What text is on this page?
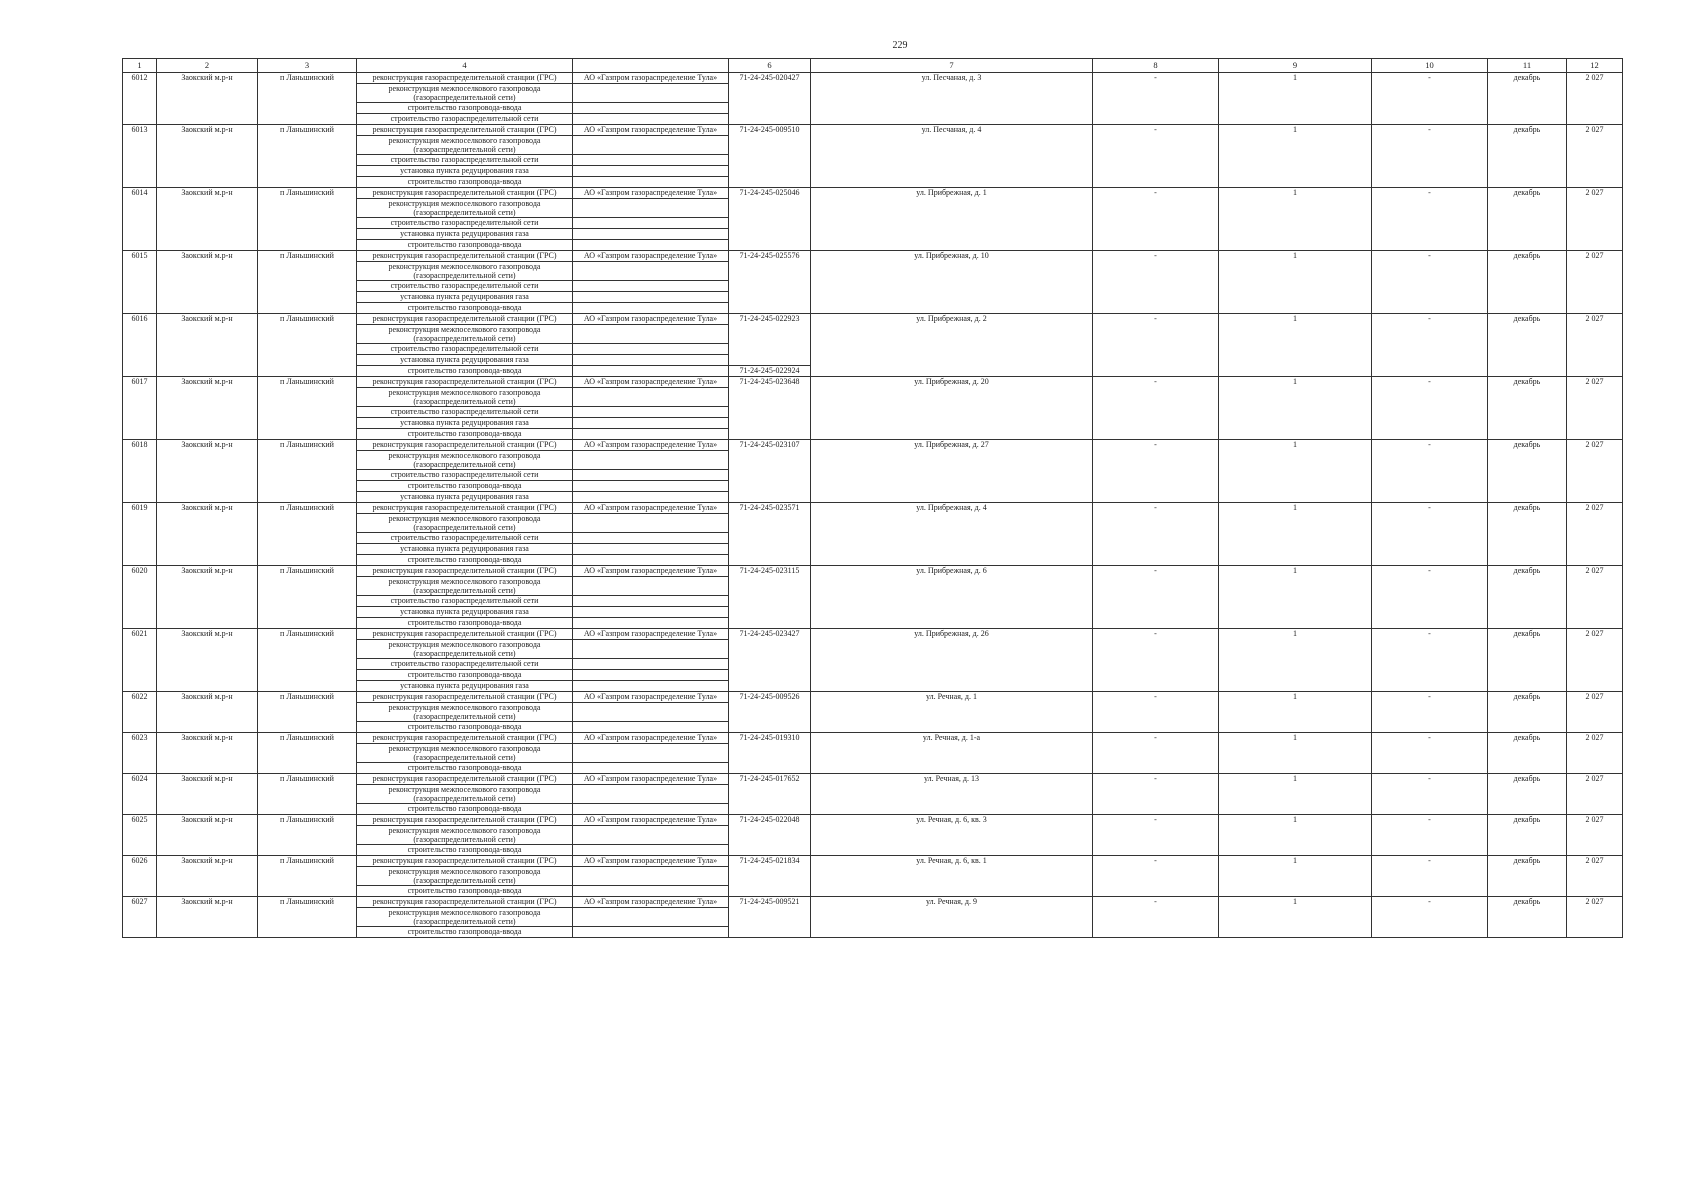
229
1	2	3	4		6	7	8	9	10	11	12
6012	Заокский м.р-н	п Ланьшинский	реконструкция газораспределительной станции (ГРС)	АО «Газпром газораспределение Тула»	71-24-245-020427	ул. Песчаная, д. 3	-	1	-	декабрь	2 027
			реконструкция межпоселкового газопровода (газораспределительной сети)								
			строительство газопровода-ввода								
			строительство газораспределительной сети								
6013	Заокский м.р-н	п Ланьшинский	реконструкция газораспределительной станции (ГРС)	АО «Газпром газораспределение Тула»	71-24-245-009510	ул. Песчаная, д. 4	-	1	-	декабрь	2 027
			реконструкция межпоселкового газопровода (газораспределительной сети)								
			строительство газораспределительной сети								
			установка пункта редуцирования газа								
			строительство газопровода-ввода								
6014	Заокский м.р-н	п Ланьшинский	реконструкция газораспределительной станции (ГРС)	АО «Газпром газораспределение Тула»	71-24-245-025046	ул. Прибрежная, д. 1	-	1	-	декабрь	2 027
			реконструкция межпоселкового газопровода (газораспределительной сети)								
			строительство газораспределительной сети								
			установка пункта редуцирования газа								
			строительство газопровода-ввода								
6015	Заокский м.р-н	п Ланьшинский	реконструкция газораспределительной станции (ГРС)	АО «Газпром газораспределение Тула»	71-24-245-025576	ул. Прибрежная, д. 10	-	1	-	декабрь	2 027
			реконструкция межпоселкового газопровода (газораспределительной сети)								
			строительство газораспределительной сети								
			установка пункта редуцирования газа								
			строительство газопровода-ввода								
6016	Заокский м.р-н	п Ланьшинский	реконструкция газораспределительной станции (ГРС)	АО «Газпром газораспределение Тула»	71-24-245-022923	ул. Прибрежная, д. 2	-	1	-	декабрь	2 027
			реконструкция межпоселкового газопровода (газораспределительной сети)								
			строительство газораспределительной сети								
			установка пункта редуцирования газа								
			строительство газопровода-ввода		71-24-245-022924						
6017	Заокский м.р-н	п Ланьшинский	реконструкция газораспределительной станции (ГРС)	АО «Газпром газораспределение Тула»	71-24-245-023648	ул. Прибрежная, д. 20	-	1	-	декабрь	2 027
			реконструкция межпоселкового газопровода (газораспределительной сети)								
			строительство газораспределительной сети								
			установка пункта редуцирования газа								
			строительство газопровода-ввода								
6018	Заокский м.р-н	п Ланьшинский	реконструкция газораспределительной станции (ГРС)	АО «Газпром газораспределение Тула»	71-24-245-023107	ул. Прибрежная, д. 27	-	1	-	декабрь	2 027
			реконструкция межпоселкового газопровода (газораспределительной сети)								
			строительство газораспределительной сети								
			строительство газопровода-ввода								
			установка пункта редуцирования газа								
6019	Заокский м.р-н	п Ланьшинский	реконструкция газораспределительной станции (ГРС)	АО «Газпром газораспределение Тула»	71-24-245-023571	ул. Прибрежная, д. 4	-	1	-	декабрь	2 027
			реконструкция межпоселкового газопровода (газораспределительной сети)								
			строительство газораспределительной сети								
			установка пункта редуцирования газа								
			строительство газопровода-ввода								
6020	Заокский м.р-н	п Ланьшинский	реконструкция газораспределительной станции (ГРС)	АО «Газпром газораспределение Тула»	71-24-245-023115	ул. Прибрежная, д. 6	-	1	-	декабрь	2 027
			реконструкция межпоселкового газопровода (газораспределительной сети)								
			строительство газораспределительной сети								
			установка пункта редуцирования газа								
			строительство газопровода-ввода								
6021	Заокский м.р-н	п Ланьшинский	реконструкция газораспределительной станции (ГРС)	АО «Газпром газораспределение Тула»	71-24-245-023427	ул. Прибрежная, д. 26	-	1	-	декабрь	2 027
			реконструкция межпоселкового газопровода (газораспределительной сети)								
			строительство газораспределительной сети								
			строительство газопровода-ввода								
			установка пункта редуцирования газа								
6022	Заокский м.р-н	п Ланьшинский	реконструкция газораспределительной станции (ГРС)	АО «Газпром газораспределение Тула»	71-24-245-009526	ул. Речная, д. 1	-	1	-	декабрь	2 027
			реконструкция межпоселкового газопровода (газораспределительной сети)								
			строительство газопровода-ввода								
6023	Заокский м.р-н	п Ланьшинский	реконструкция газораспределительной станции (ГРС)	АО «Газпром газораспределение Тула»	71-24-245-019310	ул. Речная, д. 1-а	-	1	-	декабрь	2 027
			реконструкция межпоселкового газопровода (газораспределительной сети)								
			строительство газопровода-ввода								
6024	Заокский м.р-н	п Ланьшинский	реконструкция газораспределительной станции (ГРС)	АО «Газпром газораспределение Тула»	71-24-245-017652	ул. Речная, д. 13	-	1	-	декабрь	2 027
			реконструкция межпоселкового газопровода (газораспределительной сети)								
			строительство газопровода-ввода								
6025	Заокский м.р-н	п Ланьшинский	реконструкция газораспределительной станции (ГРС)	АО «Газпром газораспределение Тула»	71-24-245-022048	ул. Речная, д. 6, кв. 3	-	1	-	декабрь	2 027
			реконструкция межпоселкового газопровода (газораспределительной сети)								
			строительство газопровода-ввода								
6026	Заокский м.р-н	п Ланьшинский	реконструкция газораспределительной станции (ГРС)	АО «Газпром газораспределение Тула»	71-24-245-021834	ул. Речная, д. 6, кв. 1	-	1	-	декабрь	2 027
			реконструкция межпоселкового газопровода (газораспределительной сети)								
			строительство газопровода-ввода								
6027	Заокский м.р-н	п Ланьшинский	реконструкция газораспределительной станции (ГРС)	АО «Газпром газораспределение Тула»	71-24-245-009521	ул. Речная, д. 9	-	1	-	декабрь	2 027
			реконструкция межпоселкового газопровода (газораспределительной сети)								
			строительство газопровода-ввода								
